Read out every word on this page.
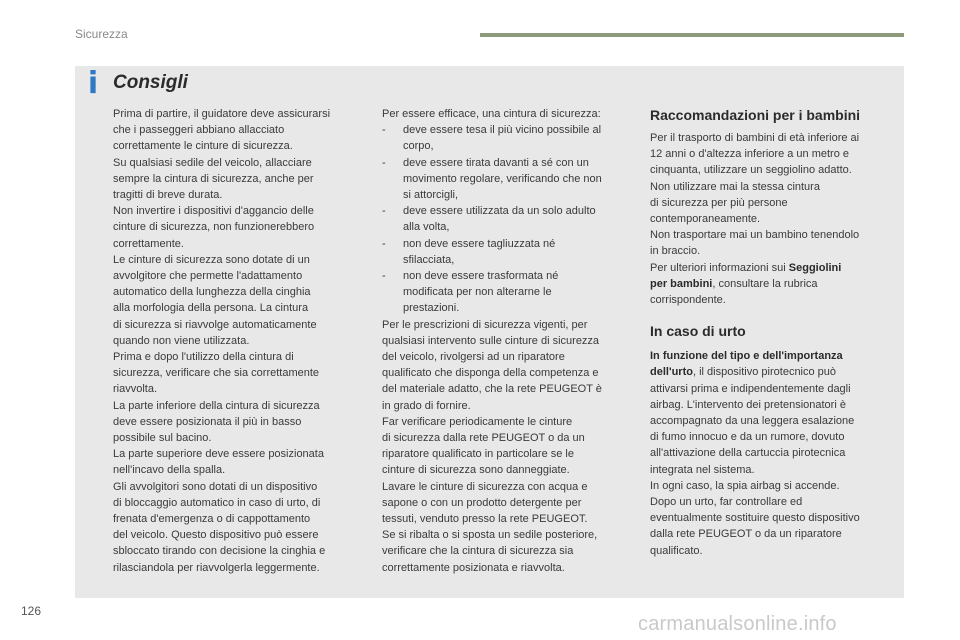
Sicurezza
i Consigli

Prima di partire, il guidatore deve assicurarsi

che i passeggeri abbiano allacciato

correttamente le cinture di sicurezza.

Su qualsiasi sedile del veicolo, allacciare

sempre la cintura di sicurezza, anche per

tragitti di breve durata.

Non invertire i dispositivi d'aggancio delle

cinture di sicurezza, non funzionerebbero

correttamente.

Le cinture di sicurezza sono dotate di un

avvolgitore che permette l'adattamento

automatico della lunghezza della cinghia

alla morfologia della persona. La cintura

di sicurezza si riavvolge automaticamente

quando non viene utilizzata.

Prima e dopo l'utilizzo della cintura di

sicurezza, verificare che sia correttamente

riavvolta.

La parte inferiore della cintura di sicurezza

deve essere posizionata il più in basso

possibile sul bacino.

La parte superiore deve essere posizionata

nell'incavo della spalla.

Gli avvolgitori sono dotati di un dispositivo

di bloccaggio automatico in caso di urto, di

frenata d'emergenza o di cappottamento

del veicolo. Questo dispositivo può essere

sbloccato tirando con decisione la cinghia e

rilasciandola per riavvolgerla leggermente.

Per essere efficace, una cintura di sicurezza:

- deve essere tesa il più vicino possibile al

corpo,

- deve essere tirata davanti a sé con un

movimento regolare, verificando che non

si attorcigli,

- deve essere utilizzata da un solo adulto

alla volta,

- non deve essere tagliuzzata né

sfilacciata,

- non deve essere trasformata né

modificata per non alterarne le

prestazioni.

Per le prescrizioni di sicurezza vigenti, per

qualsiasi intervento sulle cinture di sicurezza

del veicolo, rivolgersi ad un riparatore

qualificato che disponga della competenza e

del materiale adatto, che la rete PEUGEOT è

in grado di fornire.

Far verificare periodicamente le cinture

di sicurezza dalla rete PEUGEOT o da un

riparatore qualificato in particolare se le

cinture di sicurezza sono danneggiate.

Lavare le cinture di sicurezza con acqua e

sapone o con un prodotto detergente per

tessuti, venduto presso la rete PEUGEOT.

Se si ribalta o si sposta un sedile posteriore,

verificare che la cintura di sicurezza sia

correttamente posizionata e riavvolta.

Raccomandazioni per i bambini

Per il trasporto di bambini di età inferiore ai

12 anni o d'altezza inferiore a un metro e

cinquanta, utilizzare un seggiolino adatto.

Non utilizzare mai la stessa cintura

di sicurezza per più persone

contemporaneamente.

Non trasportare mai un bambino tenendolo

in braccio.

Per ulteriori informazioni sui Seggiolini

per bambini, consultare la rubrica

corrispondente.

In caso di urto

In funzione del tipo e dell'importanza

dell'urto, il dispositivo pirotecnico può

attivarsi prima e indipendentemente dagli

airbag. L'intervento dei pretensionatori è

accompagnato da una leggera esalazione

di fumo innocuo e da un rumore, dovuto

all'attivazione della cartuccia pirotecnica

integrata nel sistema.

In ogni caso, la spia airbag si accende.

Dopo un urto, far controllare ed

eventualmente sostituire questo dispositivo

dalla rete PEUGEOT o da un riparatore

qualificato.

126
carmanualsonline.info
